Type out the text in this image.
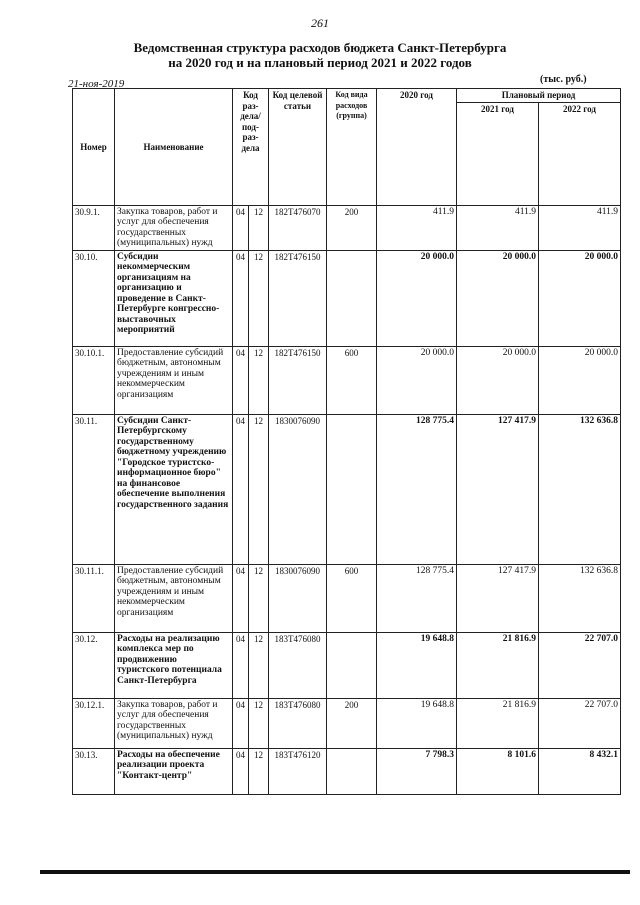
261
Ведомственная структура расходов бюджета Санкт-Петербурга
на 2020 год и на плановый период 2021 и 2022 годов
21-ноя-2019	(тыс. руб.)
Номер	Наименование	Код раз- дела/ под- раз- дела		Код целевой статьи	Код вида расходов (группа)	2020 год	Плановый период	
							2021 год	2022 год
30.9.1.	Закупка товаров, работ и услуг для обеспечения государственных (муниципальных) нужд	04	12	182Т476070	200	411.9	411.9	411.9
30.10.	Субсидии некоммерческим организациям на организацию и проведение в Санкт-Петербурге конгрессно-выставочных мероприятий	04	12	182Т476150		20 000.0	20 000.0	20 000.0
30.10.1.	Предоставление субсидий бюджетным, автономным учреждениям и иным некоммерческим организациям	04	12	182Т476150	600	20 000.0	20 000.0	20 000.0
30.11.	Субсидии Санкт-Петербургскому государственному бюджетному учреждению "Городское туристско-информационное бюро" на финансовое обеспечение выполнения государственного задания	04	12	1830076090		128 775.4	127 417.9	132 636.8
30.11.1.	Предоставление субсидий бюджетным, автономным учреждениям и иным некоммерческим организациям	04	12	1830076090	600	128 775.4	127 417.9	132 636.8
30.12.	Расходы на реализацию комплекса мер по продвижению туристского потенциала Санкт-Петербурга	04	12	183Т476080		19 648.8	21 816.9	22 707.0
30.12.1.	Закупка товаров, работ и услуг для обеспечения государственных (муниципальных) нужд	04	12	183Т476080	200	19 648.8	21 816.9	22 707.0
30.13.	Расходы на обеспечение реализации проекта "Контакт-центр"	04	12	183Т476120		7 798.3	8 101.6	8 432.1
